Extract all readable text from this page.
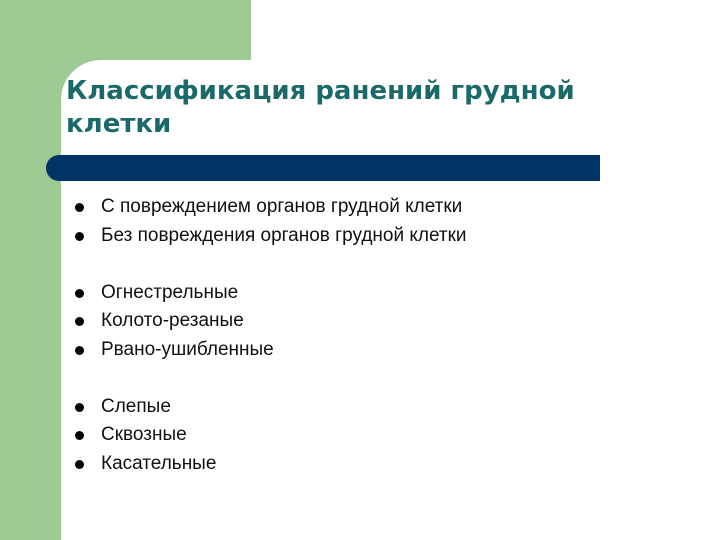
Классификация ранений грудной клетки
С повреждением органов грудной клетки
Без повреждения органов грудной клетки
Огнестрельные
Колото-резаные
Рвано-ушибленные
Слепые
Сквозные
Касательные
